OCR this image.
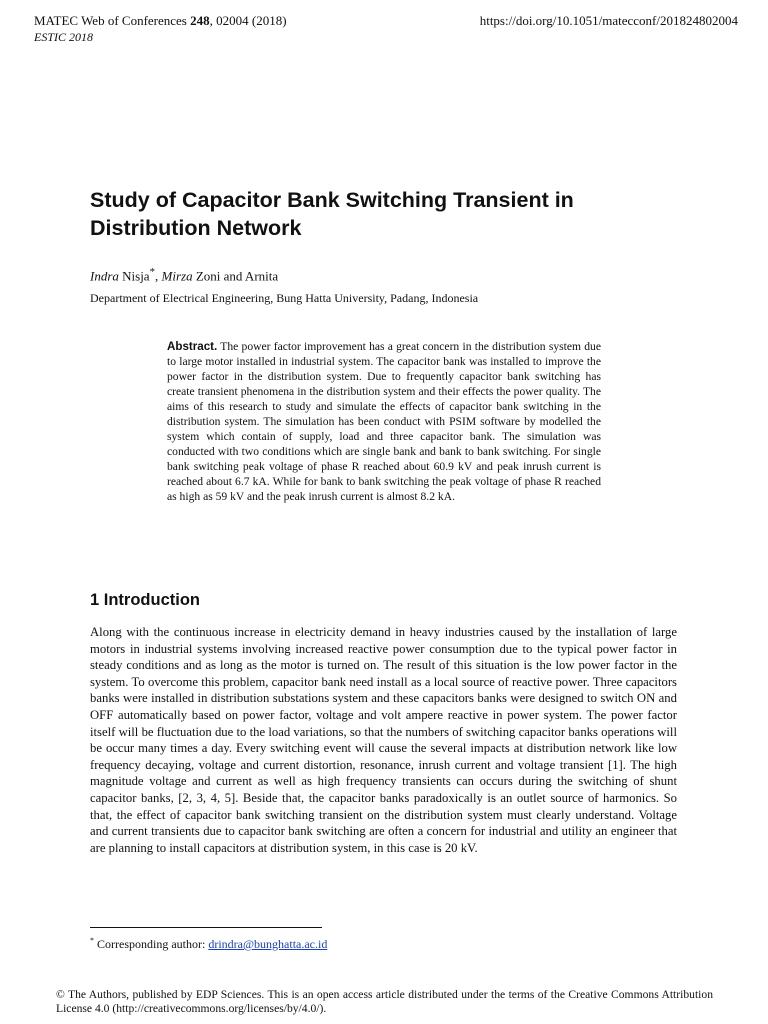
MATEC Web of Conferences 248, 02004 (2018)
ESTIC 2018
https://doi.org/10.1051/matecconf/201824802004
Study of Capacitor Bank Switching Transient in Distribution Network
Indra Nisja*, Mirza Zoni and Arnita
Department of Electrical Engineering, Bung Hatta University, Padang, Indonesia
Abstract. The power factor improvement has a great concern in the distribution system due to large motor installed in industrial system. The capacitor bank was installed to improve the power factor in the distribution system. Due to frequently capacitor bank switching has create transient phenomena in the distribution system and their effects the power quality. The aims of this research to study and simulate the effects of capacitor bank switching in the distribution system. The simulation has been conduct with PSIM software by modelled the system which contain of supply, load and three capacitor bank. The simulation was conducted with two conditions which are single bank and bank to bank switching. For single bank switching peak voltage of phase R reached about 60.9 kV and peak inrush current is reached about 6.7 kA. While for bank to bank switching the peak voltage of phase R reached as high as 59 kV and the peak inrush current is almost 8.2 kA.
1 Introduction
Along with the continuous increase in electricity demand in heavy industries caused by the installation of large motors in industrial systems involving increased reactive power consumption due to the typical power factor in steady conditions and as long as the motor is turned on. The result of this situation is the low power factor in the system. To overcome this problem, capacitor bank need install as a local source of reactive power. Three capacitors banks were installed in distribution substations system and these capacitors banks were designed to switch ON and OFF automatically based on power factor, voltage and volt ampere reactive in power system. The power factor itself will be fluctuation due to the load variations, so that the numbers of switching capacitor banks operations will be occur many times a day. Every switching event will cause the several impacts at distribution network like low frequency decaying, voltage and current distortion, resonance, inrush current and voltage transient [1]. The high magnitude voltage and current as well as high frequency transients can occurs during the switching of shunt capacitor banks, [2, 3, 4, 5]. Beside that, the capacitor banks paradoxically is an outlet source of harmonics. So that, the effect of capacitor bank switching transient on the distribution system must clearly understand. Voltage and current transients due to capacitor bank switching are often a concern for industrial and utility an engineer that are planning to install capacitors at distribution system, in this case is 20 kV.
* Corresponding author: drindra@bunghatta.ac.id
© The Authors, published by EDP Sciences. This is an open access article distributed under the terms of the Creative Commons Attribution License 4.0 (http://creativecommons.org/licenses/by/4.0/).
